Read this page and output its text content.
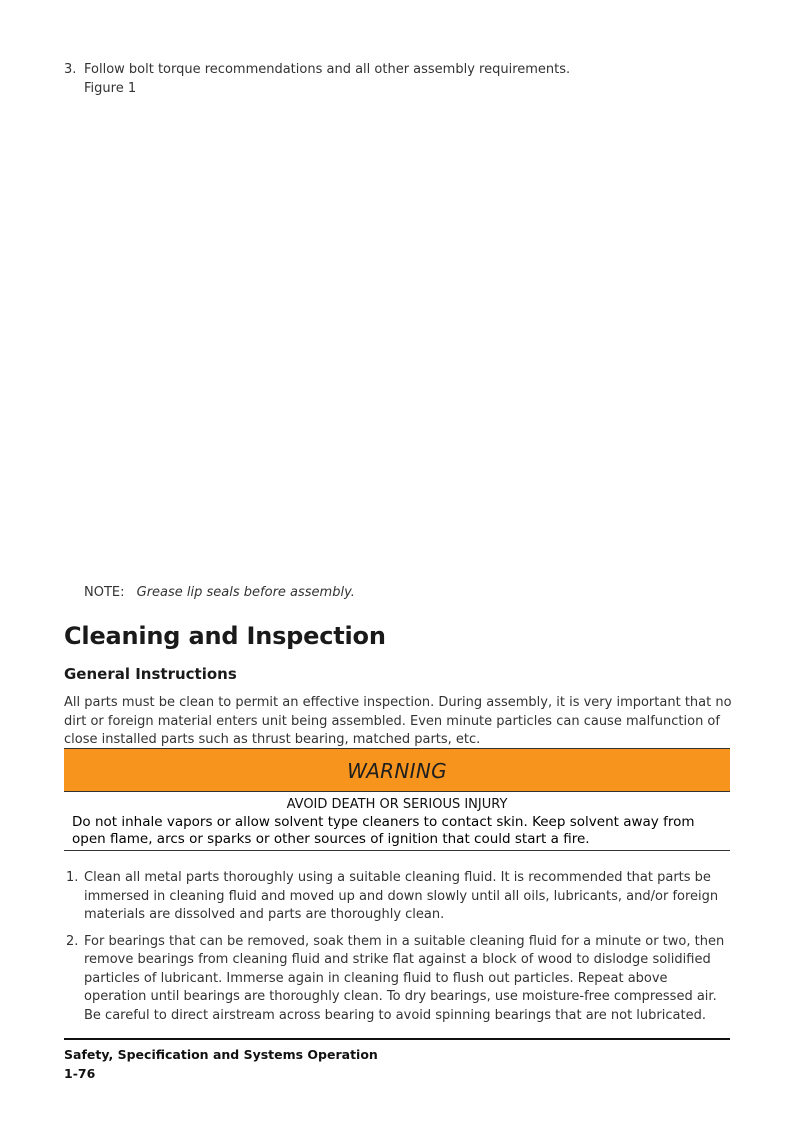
3. Follow bolt torque recommendations and all other assembly requirements.
Figure 1
NOTE: Grease lip seals before assembly.
Cleaning and Inspection
General Instructions
All parts must be clean to permit an effective inspection. During assembly, it is very important that no dirt or foreign material enters unit being assembled. Even minute particles can cause malfunction of close installed parts such as thrust bearing, matched parts, etc.
WARNING
AVOID DEATH OR SERIOUS INJURY
Do not inhale vapors or allow solvent type cleaners to contact skin. Keep solvent away from open flame, arcs or sparks or other sources of ignition that could start a fire.
1. Clean all metal parts thoroughly using a suitable cleaning fluid. It is recommended that parts be immersed in cleaning fluid and moved up and down slowly until all oils, lubricants, and/or foreign materials are dissolved and parts are thoroughly clean.
2. For bearings that can be removed, soak them in a suitable cleaning fluid for a minute or two, then remove bearings from cleaning fluid and strike flat against a block of wood to dislodge solidified particles of lubricant. Immerse again in cleaning fluid to flush out particles. Repeat above operation until bearings are thoroughly clean. To dry bearings, use moisture-free compressed air. Be careful to direct airstream across bearing to avoid spinning bearings that are not lubricated.
Safety, Specification and Systems Operation
1-76
